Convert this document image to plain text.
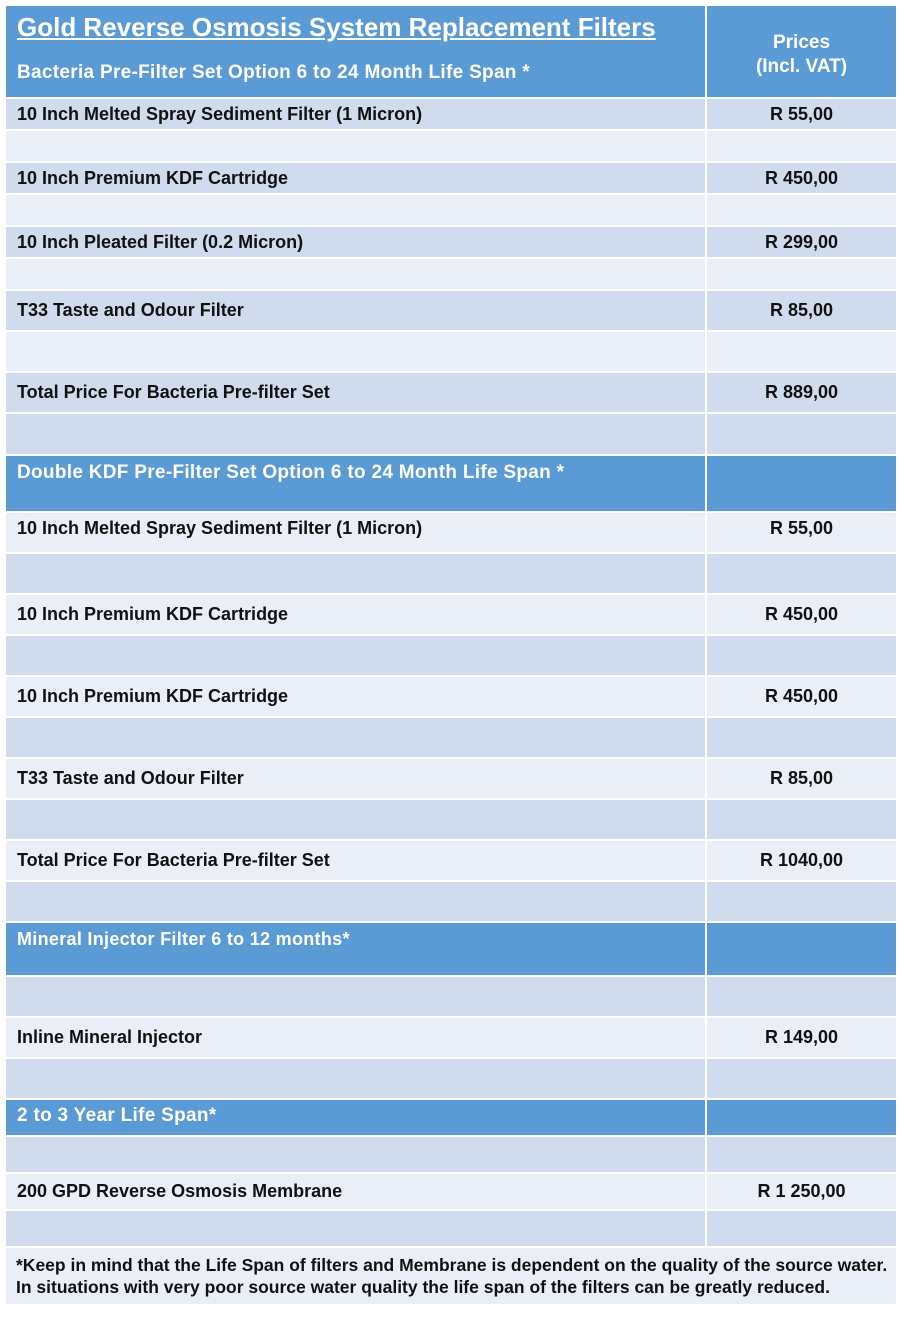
Gold Reverse Osmosis System Replacement Filters
Bacteria Pre-Filter Set Option 6 to 24 Month Life Span *
Prices
(Incl. VAT)
10 Inch Melted Spray Sediment Filter (1 Micron)	R 55,00
10 Inch Premium KDF Cartridge	R 450,00
10 Inch Pleated Filter (0.2 Micron)	R 299,00
T33 Taste and Odour Filter	R 85,00
Total Price For Bacteria Pre-filter Set	R 889,00
Double KDF Pre-Filter Set Option 6 to 24 Month Life Span *
10 Inch Melted Spray Sediment Filter (1 Micron)	R 55,00
10 Inch Premium KDF Cartridge	R 450,00
10 Inch Premium KDF Cartridge	R 450,00
T33 Taste and Odour Filter	R 85,00
Total Price For Bacteria Pre-filter Set	R 1040,00
Mineral Injector Filter 6 to 12 months*
Inline Mineral Injector	R 149,00
2 to 3 Year Life Span*
200 GPD Reverse Osmosis Membrane	R 1 250,00
*Keep in mind that the Life Span of filters and Membrane is dependent on the quality of the source water. In situations with very poor source water quality the life span of the filters can be greatly reduced.
